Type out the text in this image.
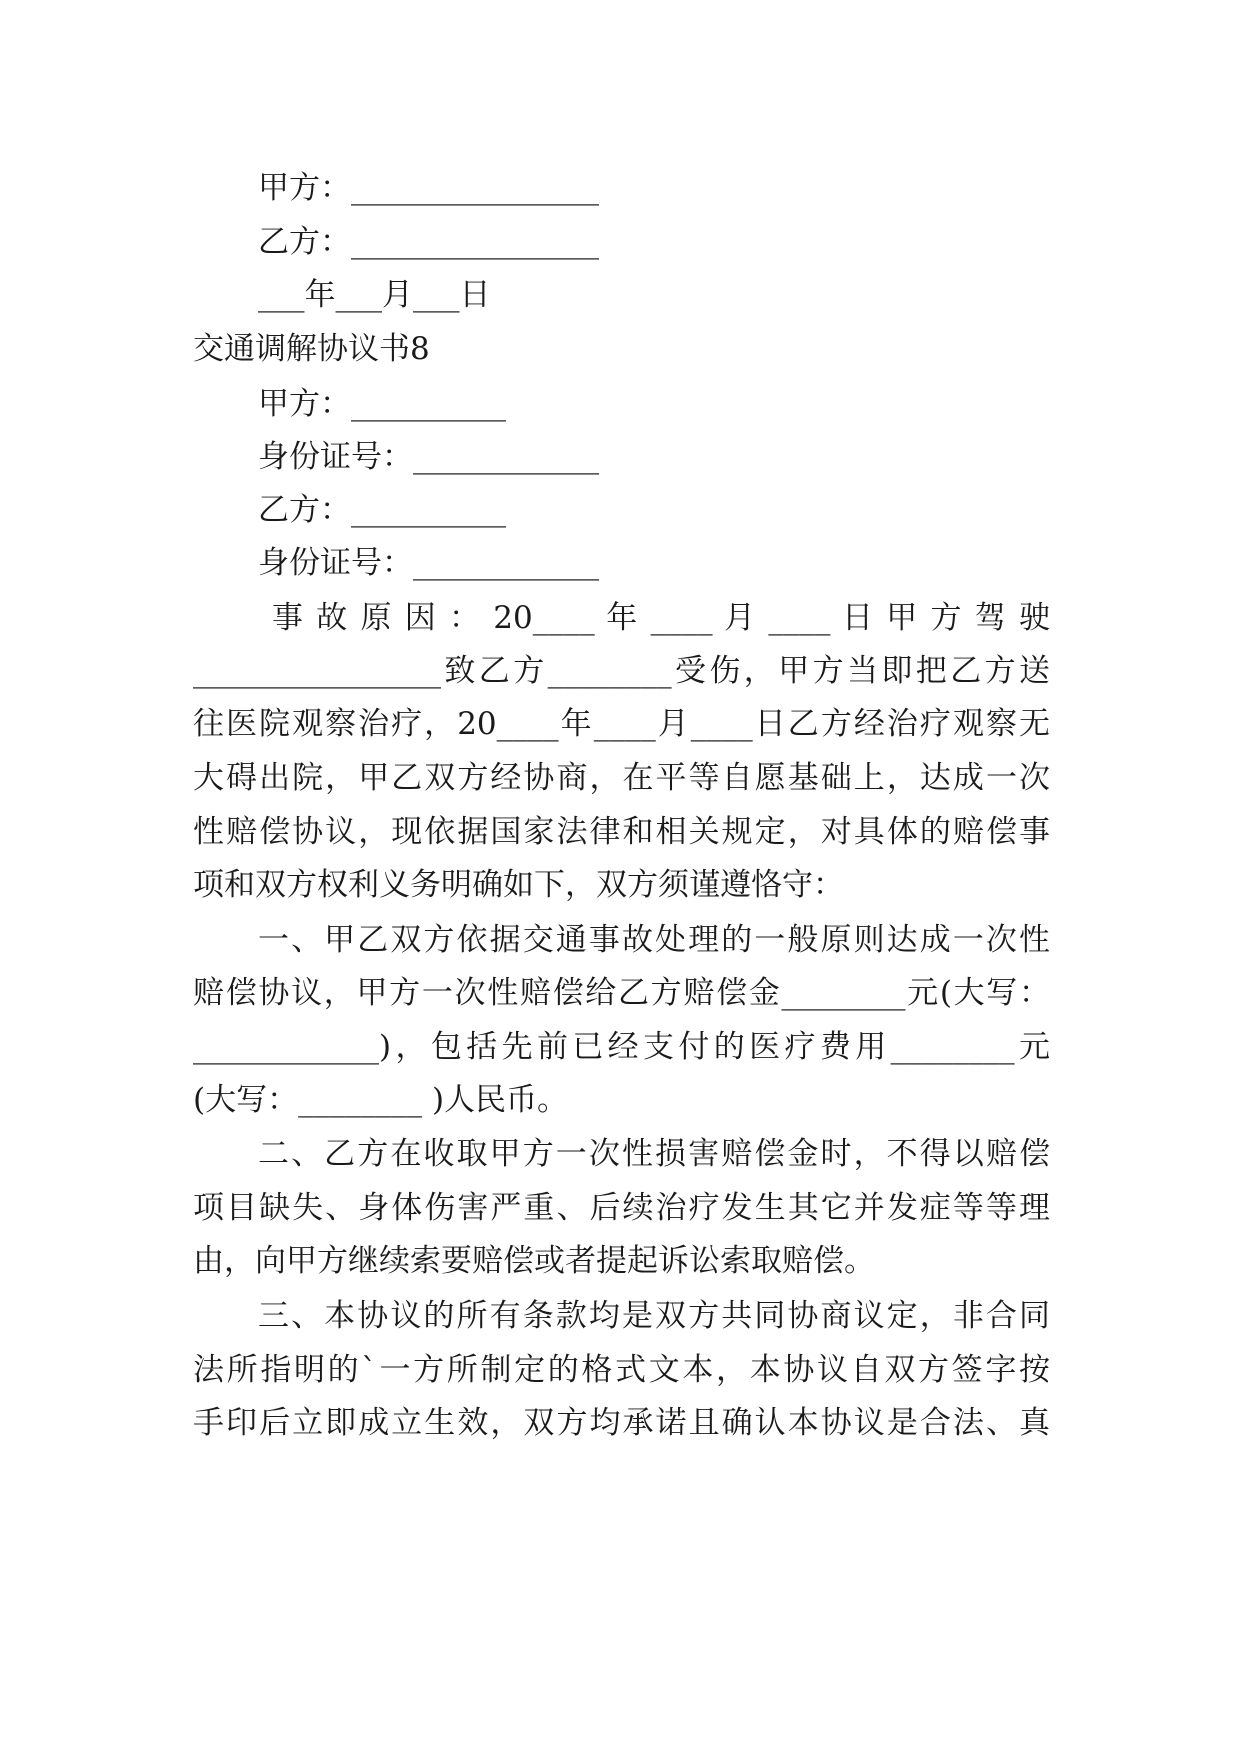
甲方：________________

乙方：________________

___年___月___日

交通调解协议书8

甲方：__________

身份证号：____________

乙方：__________

身份证号：____________

事 故 原 因 ： 20____ 年 ____ 月 ____ 日 甲 方 驾 驶

________________致乙方________受伤，甲方当即把乙方送

往医院观察治疗，20____年____月____日乙方经治疗观察无

大碍出院，甲乙双方经协商，在平等自愿基础上，达成一次

性赔偿协议，现依据国家法律和相关规定，对具体的赔偿事

项和双方权利义务明确如下，双方须谨遵恪守：

一、甲乙双方依据交通事故处理的一般原则达成一次性

赔偿协议，甲方一次性赔偿给乙方赔偿金________元(大写：

____________)，包括先前已经支付的医疗费用________元

(大写：________ )人民币。

二、乙方在收取甲方一次性损害赔偿金时，不得以赔偿

项目缺失、身体伤害严重、后续治疗发生其它并发症等等理

由，向甲方继续索要赔偿或者提起诉讼索取赔偿。

三、本协议的所有条款均是双方共同协商议定，非合同

法所指明的`一方所制定的格式文本，本协议自双方签字按

手印后立即成立生效，双方均承诺且确认本协议是合法、真
